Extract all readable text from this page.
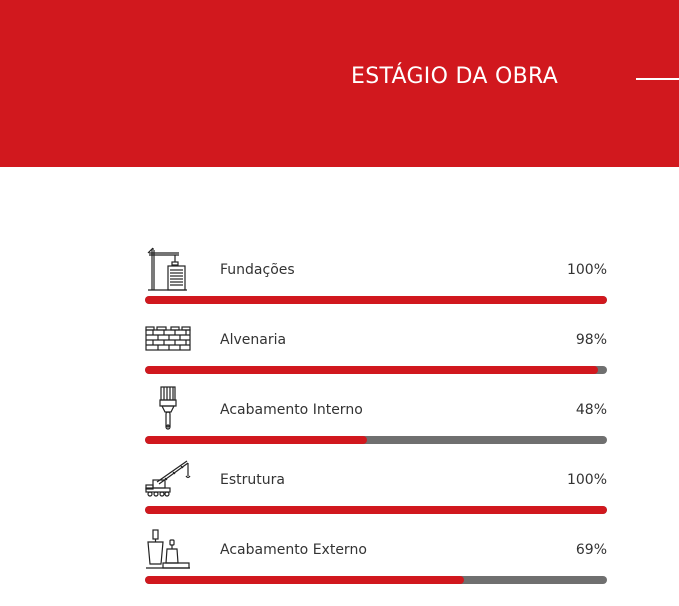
ESTÁGIO DA OBRA
Fundações	100%
Alvenaria	98%
Acabamento Interno	48%
Estrutura	100%
Acabamento Externo	69%
